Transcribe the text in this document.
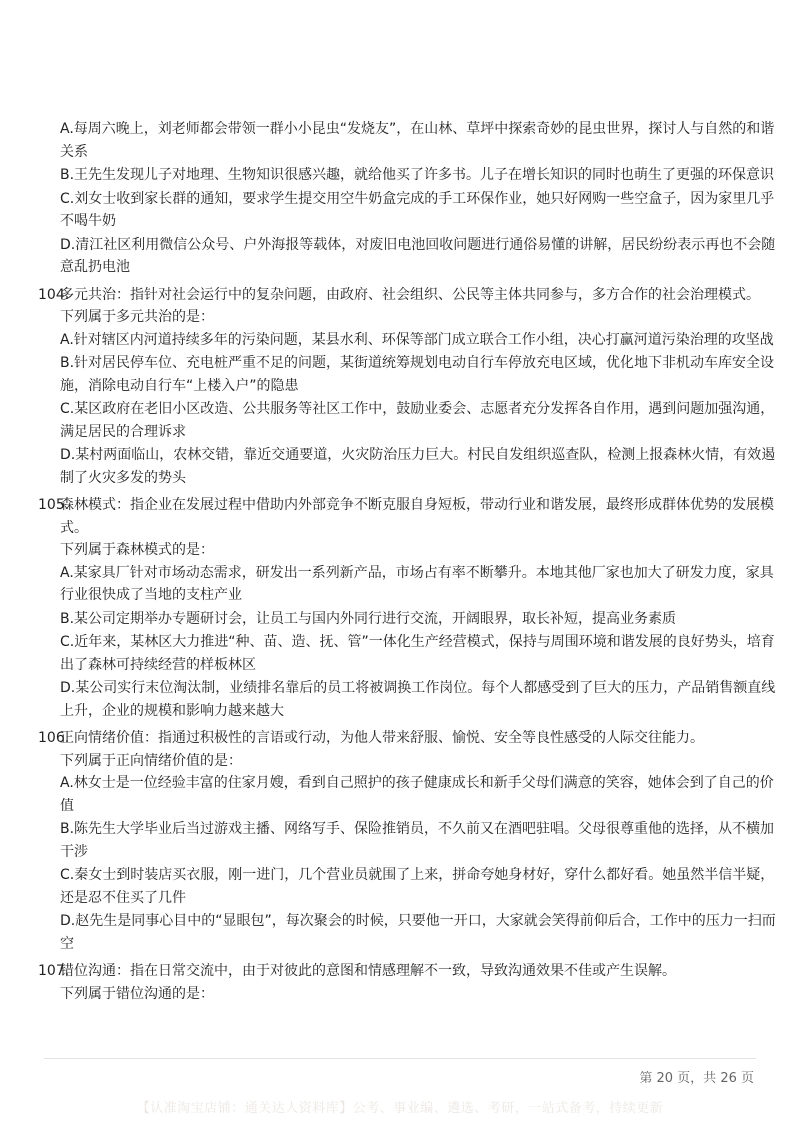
A.每周六晚上，刘老师都会带领一群小小昆虫“发烧友”，在山林、草坪中探索奇妙的昆虫世界，探讨人与自然的和谐关系

B.王先生发现儿子对地理、生物知识很感兴趣，就给他买了许多书。儿子在增长知识的同时也萌生了更强的环保意识

C.刘女士收到家长群的通知，要求学生提交用空牛奶盒完成的手工环保作业，她只好网购一些空盒子，因为家里几乎不喝牛奶

D.清江社区利用微信公众号、户外海报等载体，对废旧电池回收问题进行通俗易懂的讲解，居民纷纷表示再也不会随意乱扔电池

104.
多元共治：指针对社会运行中的复杂问题，由政府、社会组织、公民等主体共同参与，多方合作的社会治理模式。

下列属于多元共治的是：

A.针对辖区内河道持续多年的污染问题，某县水利、环保等部门成立联合工作小组，决心打赢河道污染治理的攻坚战

B.针对居民停车位、充电桩严重不足的问题，某街道统筹规划电动自行车停放充电区域，优化地下非机动车库安全设施，消除电动自行车“上楼入户”的隐患

C.某区政府在老旧小区改造、公共服务等社区工作中，鼓励业委会、志愿者充分发挥各自作用，遇到问题加强沟通，满足居民的合理诉求

D.某村两面临山，农林交错，靠近交通要道，火灾防治压力巨大。村民自发组织巡查队，检测上报森林火情，有效遏制了火灾多发的势头

105.
森林模式：指企业在发展过程中借助内外部竞争不断克服自身短板，带动行业和谐发展，最终形成群体优势的发展模式。

下列属于森林模式的是：

A.某家具厂针对市场动态需求，研发出一系列新产品，市场占有率不断攀升。本地其他厂家也加大了研发力度，家具行业很快成了当地的支柱产业

B.某公司定期举办专题研讨会，让员工与国内外同行进行交流，开阔眼界，取长补短，提高业务素质

C.近年来，某林区大力推进“种、苗、造、抚、管”一体化生产经营模式，保持与周围环境和谐发展的良好势头，培育出了森林可持续经营的样板林区

D.某公司实行末位淘汰制，业绩排名靠后的员工将被调换工作岗位。每个人都感受到了巨大的压力，产品销售额直线上升，企业的规模和影响力越来越大

106.
正向情绪价值：指通过积极性的言语或行动，为他人带来舒服、愉悦、安全等良性感受的人际交往能力。

下列属于正向情绪价值的是：

A.林女士是一位经验丰富的住家月嫂，看到自己照护的孩子健康成长和新手父母们满意的笑容，她体会到了自己的价值

B.陈先生大学毕业后当过游戏主播、网络写手、保险推销员，不久前又在酒吧驻唱。父母很尊重他的选择，从不横加干涉

C.秦女士到时装店买衣服，刚一进门，几个营业员就围了上来，拼命夸她身材好，穿什么都好看。她虽然半信半疑，还是忍不住买了几件

D.赵先生是同事心目中的“显眼包”，每次聚会的时候，只要他一开口，大家就会笑得前仰后合，工作中的压力一扫而空

107.
错位沟通：指在日常交流中，由于对彼此的意图和情感理解不一致，导致沟通效果不佳或产生误解。

下列属于错位沟通的是：

第 20 页，共 26 页
【认准淘宝店铺：通关达人资料库】公考、事业编、遴选、考研，一站式备考，持续更新
